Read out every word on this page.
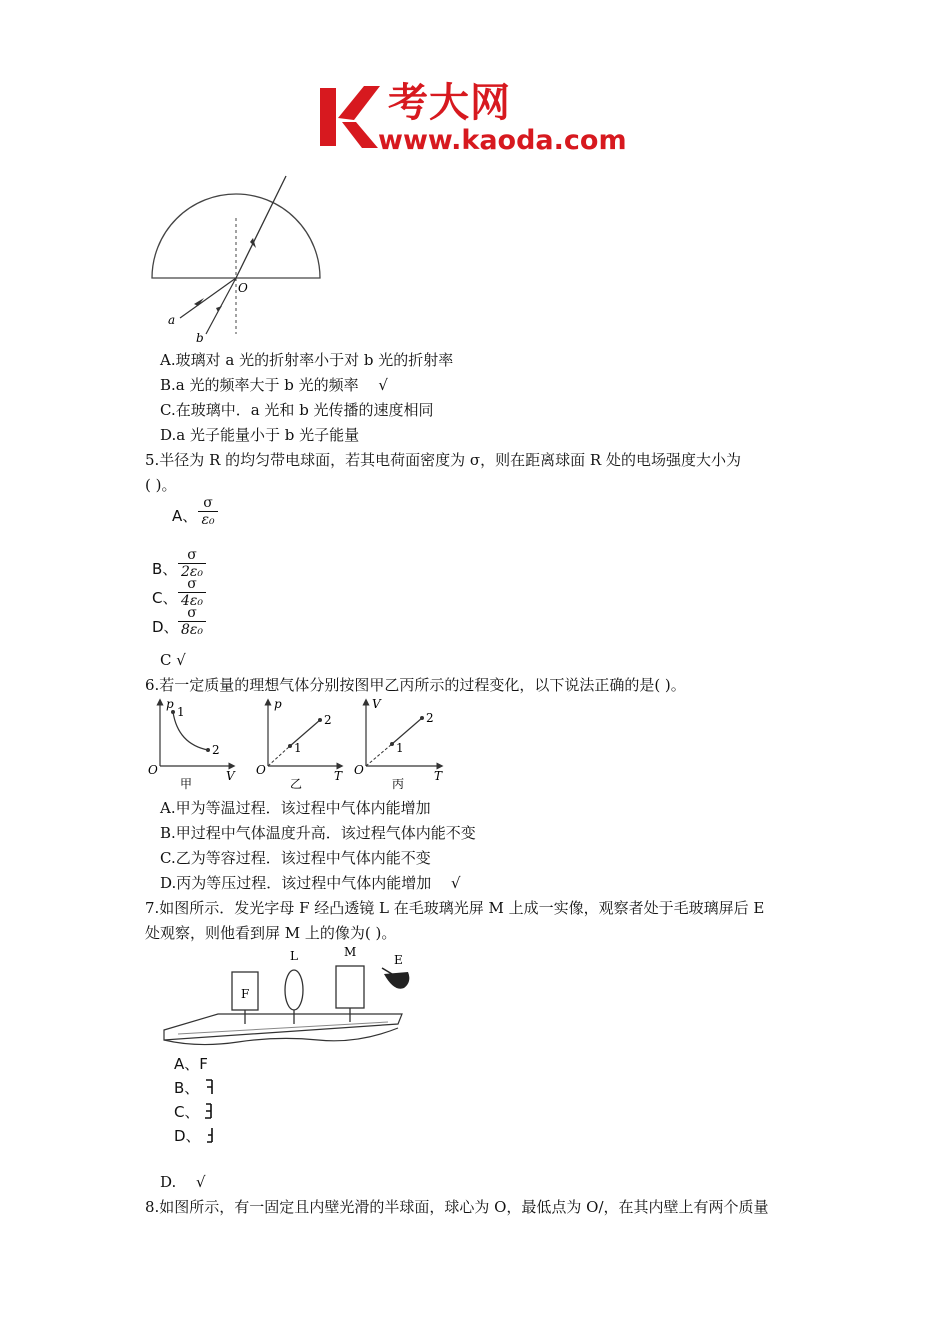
考大网
www.kaoda.com
O
a
b
A.玻璃对 a 光的折射率小于对 b 光的折射率
B.a 光的频率大于 b 光的频率　 √
C.在玻璃中．a 光和 b 光传播的速度相同
D.a 光子能量小于 b 光子能量
5.半径为 R 的均匀带电球面，若其电荷面密度为 σ，则在距离球面 R 处的电场强度大小为
( )。
A、
σ
ε₀
B、
σ
2ε₀
C、
σ
4ε₀
D、
σ
8ε₀
C √
6.若一定质量的理想气体分别按图甲乙丙所示的过程变化，以下说法正确的是( )。
p
V
O
1
2
甲
p
T
O
1
2
乙
V
T
O
1
2
丙
A.甲为等温过程．该过程中气体内能增加
B.甲过程中气体温度升高．该过程气体内能不变
C.乙为等容过程．该过程中气体内能不变
D.丙为等压过程．该过程中气体内能增加　 √
7.如图所示．发光字母 F 经凸透镜 L 在毛玻璃光屏 M 上成一实像，观察者处于毛玻璃屏后 E
处观察，则他看到屏 M 上的像为( )。
F
L	M
E
A、F
B、
C、
D、
D.　 √
8.如图所示，有一固定且内壁光滑的半球面，球心为 O，最低点为 O/，在其内壁上有两个质量
